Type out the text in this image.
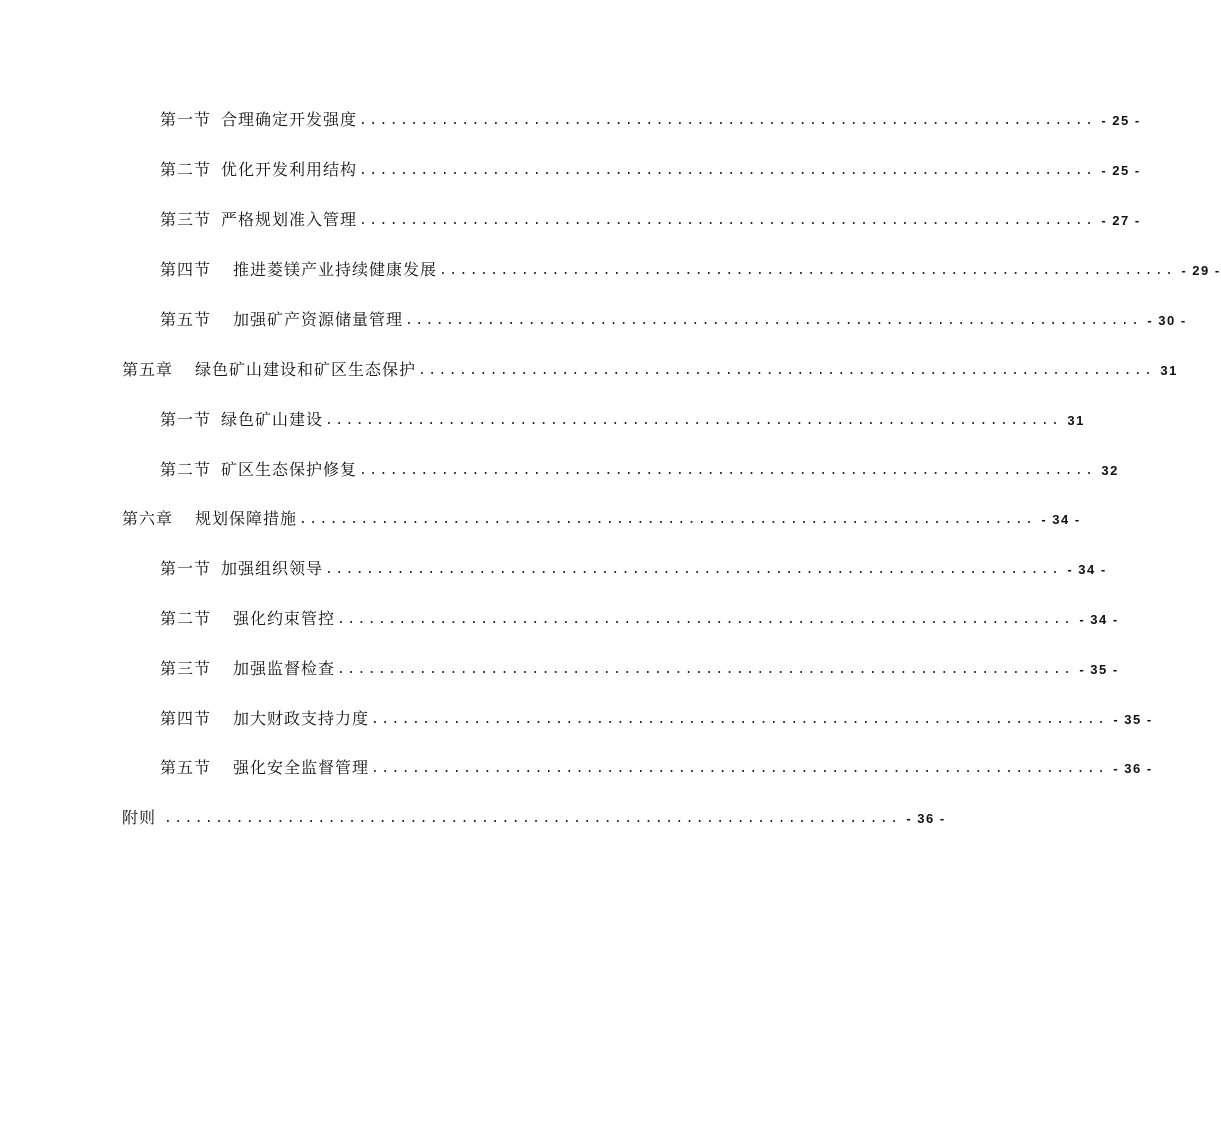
第一节 合理确定开发强度 ........................................................................ - 25 -
第二节 优化开发利用结构 ........................................................................ - 25 -
第三节 严格规划准入管理 ........................................................................ - 27 -
第四节 推进菱镁产业持续健康发展 ........................................................................ - 29 -
第五节 加强矿产资源储量管理 ........................................................................ - 30 -
第五章 绿色矿山建设和矿区生态保护 ........................................................................ 31
第一节 绿色矿山建设 ........................................................................ 31
第二节 矿区生态保护修复 ........................................................................ 32
第六章 规划保障措施 ........................................................................ - 34 -
第一节 加强组织领导 ........................................................................ - 34 -
第二节 强化约束管控 ........................................................................ - 34 -
第三节 加强监督检查 ........................................................................ - 35 -
第四节 加大财政支持力度 ........................................................................ - 35 -
第五节 强化安全监督管理 ........................................................................ - 36 -
附则 ........................................................................ - 36 -
